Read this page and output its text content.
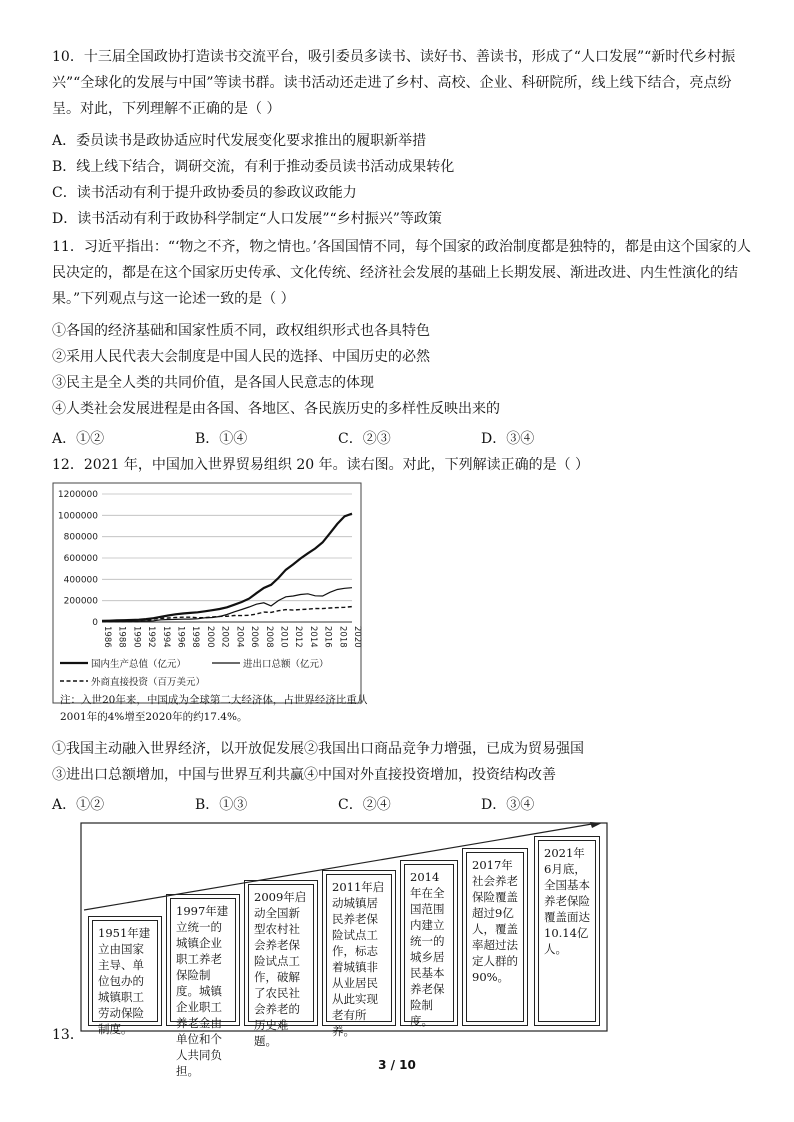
10．十三届全国政协打造读书交流平台，吸引委员多读书、读好书、善读书，形成了“人口发展”“新时代乡村振兴”“全球化的发展与中国”等读书群。读书活动还走进了乡村、高校、企业、科研院所，线上线下结合，亮点纷呈。对此，下列理解不正确的是（ ）

A．委员读书是政协适应时代发展变化要求推出的履职新举措

B．线上线下结合，调研交流，有利于推动委员读书活动成果转化

C．读书活动有利于提升政协委员的参政议政能力

D．读书活动有利于政协科学制定“人口发展”“乡村振兴”等政策

11．习近平指出：“‘物之不齐，物之情也。’各国国情不同，每个国家的政治制度都是独特的，都是由这个国家的人民决定的，都是在这个国家历史传承、文化传统、经济社会发展的基础上长期发展、渐进改进、内生性演化的结果。”下列观点与这一论述一致的是（ ）

①各国的经济基础和国家性质不同，政权组织形式也各具特色

②采用人民代表大会制度是中国人民的选择、中国历史的必然

③民主是全人类的共同价值，是各国人民意志的体现

④人类社会发展进程是由各国、各地区、各民族历史的多样性反映出来的

A．①②	B．①④	C．②③	D．③④

12．2021 年，中国加入世界贸易组织 20 年。读右图。对此，下列解读正确的是（ ）

1200000
1000000
800000
600000
400000
200000
0
1986 1988 1990 1992 1994 1996 1998 2000 2002 2004 2006 2008 2010 2012 2014 2016 2018 2020
国内生产总值（亿元）	进出口总额（亿元）
外商直接投资（百万美元）

注：入世20年来，中国成为全球第二大经济体，占世界经济比重从2001年的4%增至2020年的约17.4%。

①我国主动融入世界经济，以开放促发展②我国出口商品竞争力增强，已成为贸易强国

③进出口总额增加，中国与世界互利共赢④中国对外直接投资增加，投资结构改善

A．①②	B．①③	C．②④	D．③④
13．
1951年建立由国家主导、单位包办的城镇职工劳动保险制度。
1997年建立统一的城镇企业职工养老保险制度。城镇企业职工养老金由单位和个人共同负担。
2009年启动全国新型农村社会养老保险试点工作，破解了农民社会养老的历史难题。
2011年启动城镇居民养老保险试点工作，标志着城镇非从业居民从此实现老有所养。
2014年在全国范围内建立统一的城乡居民基本养老保险制度。
2017年社会养老保险覆盖超过9亿人，覆盖率超过法定人群的90%。
2021年6月底，全国基本养老保险覆盖面达10.14亿人。
3 / 10
